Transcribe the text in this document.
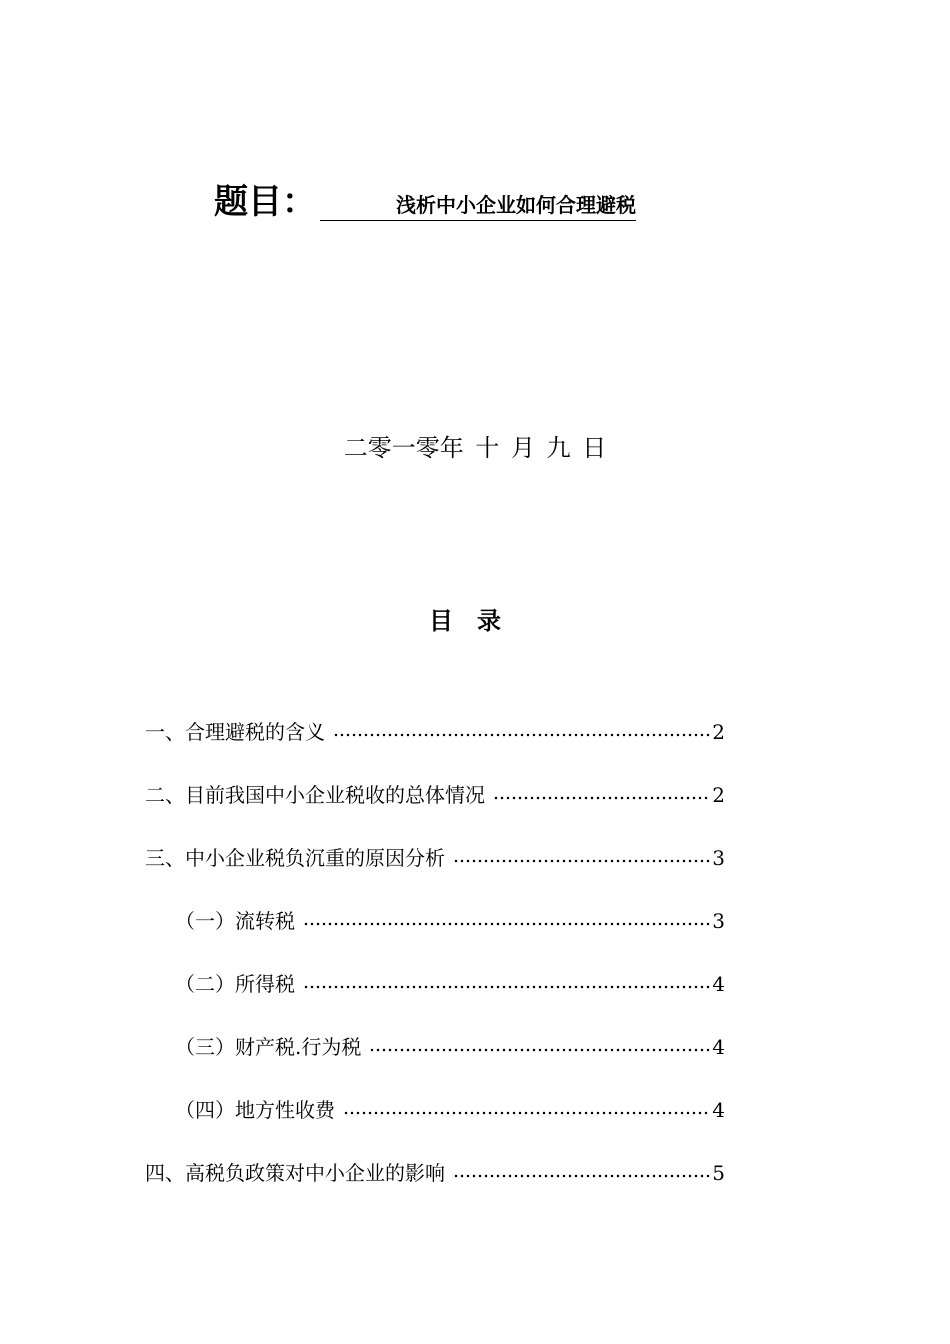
题目：	浅析中小企业如何合理避税
二零一零年 十 月 九 日
目录
一、合理避税的含义	2
二、目前我国中小企业税收的总体情况	2
三、中小企业税负沉重的原因分析	3
（一）流转税	3
（二）所得税	4
（三）财产税.行为税	4
（四）地方性收费	4
四、高税负政策对中小企业的影响	5
